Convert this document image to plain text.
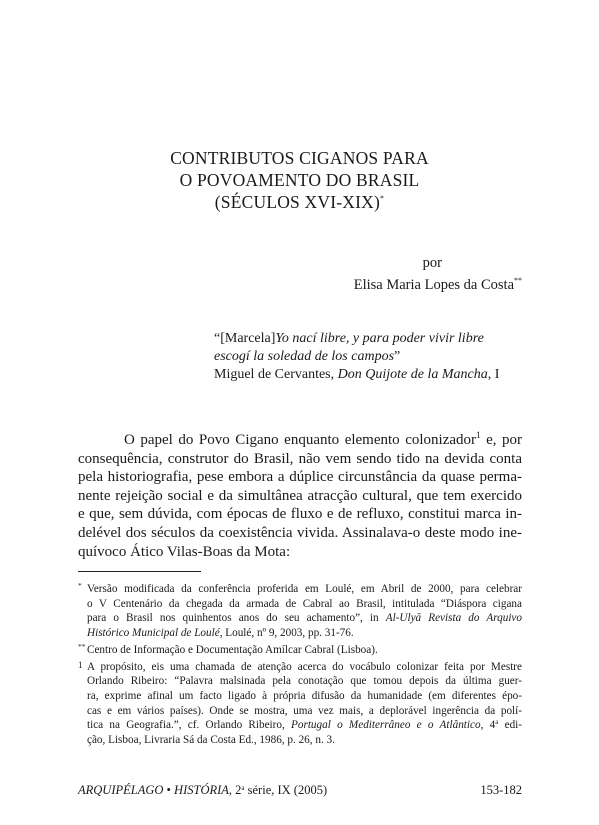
CONTRIBUTOS CIGANOS PARA
O POVOAMENTO DO BRASIL
(SÉCULOS XVI-XIX)*
por
Elisa Maria Lopes da Costa**
“[Marcela]Yo nací libre, y para poder vivir libre
escogí la soledad de los campos”
Miguel de Cervantes, Don Quijote de la Mancha, I
O papel do Povo Cigano enquanto elemento colonizador$^1$ e, por
consequência, construtor do Brasil, não vem sendo tido na devida conta
pela historiografia, pese embora a dúplice circunstância da quase perma-
nente rejeição social e da simultânea atracção cultural, que tem exercido
e que, sem dúvida, com épocas de fluxo e de refluxo, constitui marca in-
delével dos séculos da coexistência vivida. Assinalava-o deste modo ine-
quívoco Ático Vilas-Boas da Mota:
* Versão modificada da conferência proferida em Loulé, em Abril de 2000, para celebrar
o V Centenário da chegada da armada de Cabral ao Brasil, intitulada “Diáspora cigana
para o Brasil nos quinhentos anos do seu achamento”, in Al-Ulyā Revista do Arquivo
Histórico Municipal de Loulé, Loulé, nº 9, 2003, pp. 31-76.
** Centro de Informação e Documentação Amílcar Cabral (Lisboa).
1 A propósito, eis uma chamada de atenção acerca do vocábulo colonizar feita por Mestre
Orlando Ribeiro: “Palavra malsinada pela conotação que tomou depois da última guer-
ra, exprime afinal um facto ligado à própria difusão da humanidade (em diferentes épo-
cas e em vários países). Onde se mostra, uma vez mais, a deplorável ingerência da polí-
tica na Geografia.”, cf. Orlando Ribeiro, Portugal o Mediterrâneo e o Atlântico, 4$^a$ edi-
ção, Lisboa, Livraria Sá da Costa Ed., 1986, p. 26, n. 3.
ARQUIPÉLAGO • HISTÓRIA, 2$^a$ série, IX (2005)	153-182
